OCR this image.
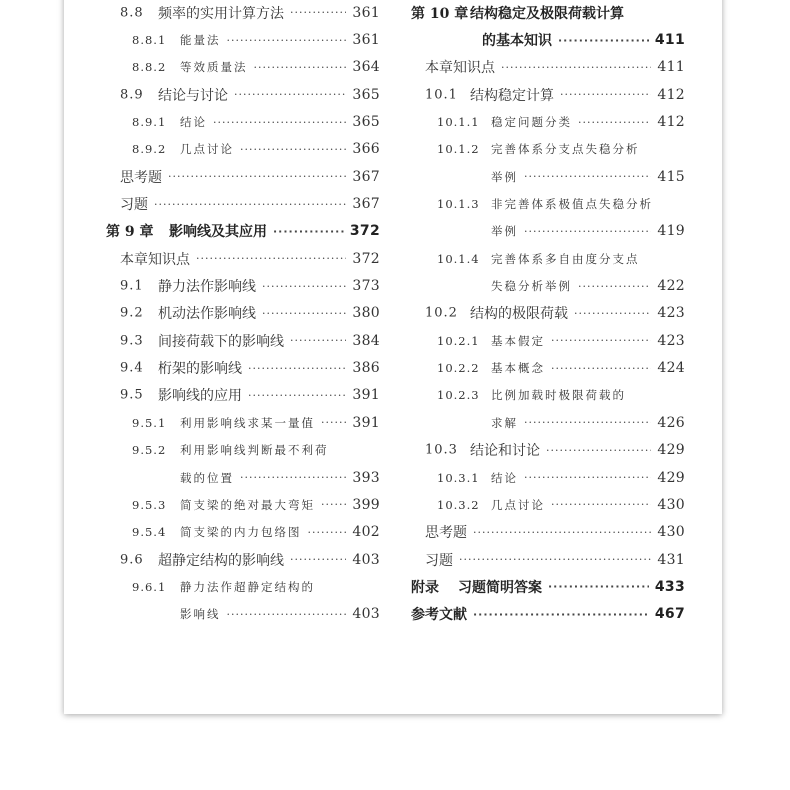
8.8 频率的实用计算方法 ·····	361
8.8.1 能量法 ·····	361
8.8.2 等效质量法 ·····	364
8.9 结论与讨论 ·····	365
8.9.1 结论 ·····	365
8.9.2 几点讨论 ·····	366
思考题 ·····	367
习题 ·····	367
第 9 章 影响线及其应用 ·····	372
本章知识点 ·····	372
9.1 静力法作影响线 ·····	373
9.2 机动法作影响线 ·····	380
9.3 间接荷载下的影响线 ·····	384
9.4 桁架的影响线 ·····	386
9.5 影响线的应用 ·····	391
9.5.1 利用影响线求某一量值 ·····	391
9.5.2 利用影响线判断最不利荷
载的位置 ·····	393
9.5.3 简支梁的绝对最大弯矩 ·····	399
9.5.4 简支梁的内力包络图 ·····	402
9.6 超静定结构的影响线 ·····	403
9.6.1 静力法作超静定结构的
影响线 ·····	403
第 10 章 结构稳定及极限荷载计算
的基本知识 ·····	411
本章知识点 ·····	411
10.1 结构稳定计算 ·····	412
10.1.1 稳定问题分类 ·····	412
10.1.2 完善体系分支点失稳分析
举例 ·····	415
10.1.3 非完善体系极值点失稳分析
举例 ·····	419
10.1.4 完善体系多自由度分支点
失稳分析举例 ·····	422
10.2 结构的极限荷载 ·····	423
10.2.1 基本假定 ·····	423
10.2.2 基本概念 ·····	424
10.2.3 比例加载时极限荷载的
求解 ·····	426
10.3 结论和讨论 ·····	429
10.3.1 结论 ·····	429
10.3.2 几点讨论 ·····	430
思考题 ·····	430
习题 ·····	431
附录 习题简明答案 ·····	433
参考文献 ·····	467
